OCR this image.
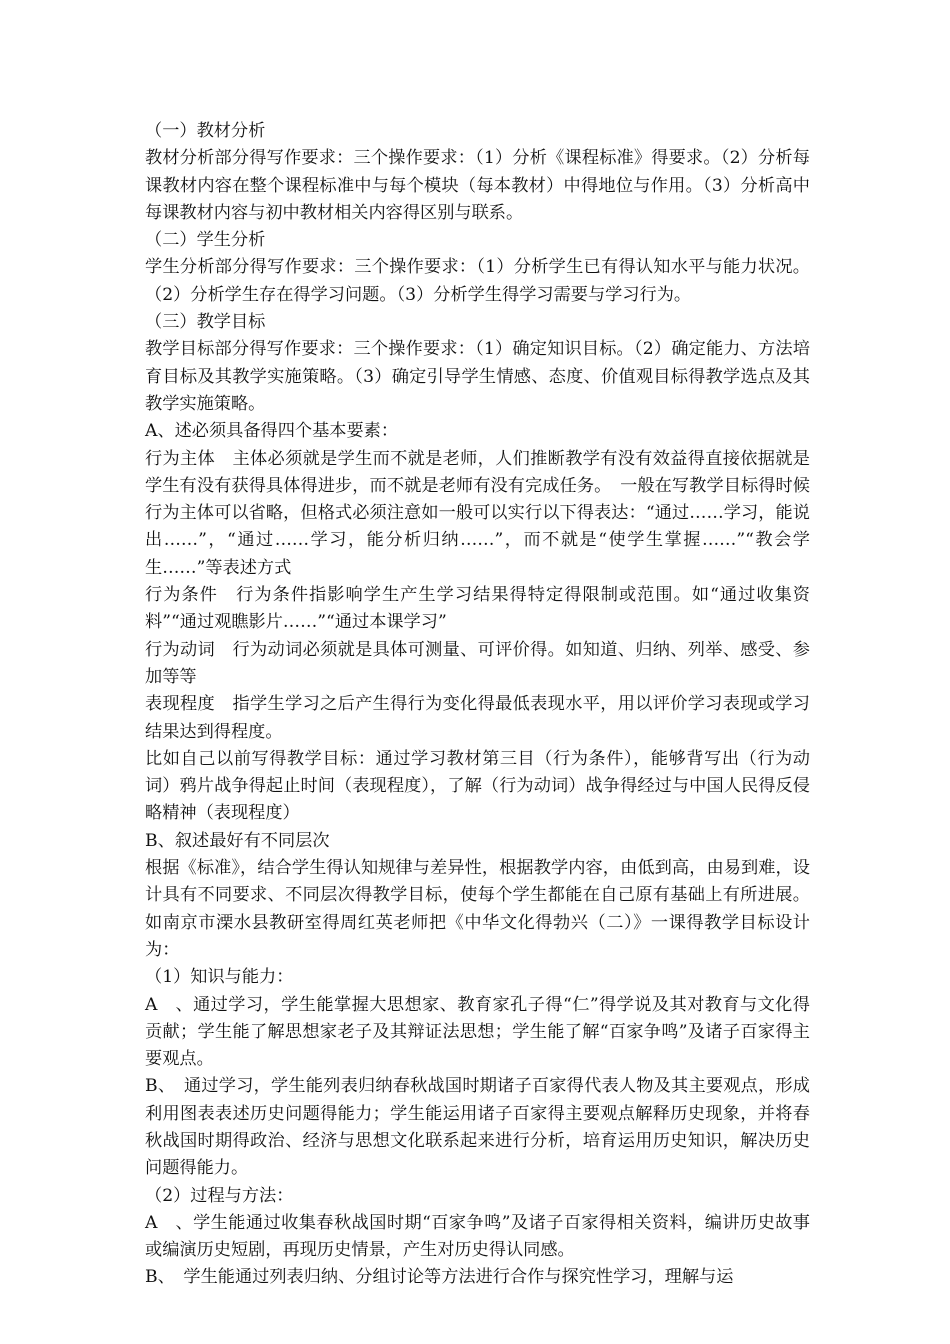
（一）教材分析

教材分析部分得写作要求：三个操作要求：（1）分析《课程标准》得要求。（2）分析每课教材内容在整个课程标准中与每个模块（每本教材）中得地位与作用。（3）分析高中每课教材内容与初中教材相关内容得区别与联系。

（二）学生分析

学生分析部分得写作要求：三个操作要求：（1）分析学生已有得认知水平与能力状况。（2）分析学生存在得学习问题。（3）分析学生得学习需要与学习行为。

（三）教学目标

教学目标部分得写作要求：三个操作要求：（1）确定知识目标。（2）确定能力、方法培育目标及其教学实施策略。（3）确定引导学生情感、态度、价值观目标得教学选点及其教学实施策略。

A、述必须具备得四个基本要素：

行为主体　主体必须就是学生而不就是老师，人们推断教学有没有效益得直接依据就是学生有没有获得具体得进步，而不就是老师有没有完成任务。　一般在写教学目标得时候行为主体可以省略，但格式必须注意如一般可以实行以下得表达：“通过……学习，能说出……”，“通过……学习，能分析归纳……”，而不就是“使学生掌握……”“教会学生……”等表述方式

行为条件　行为条件指影响学生产生学习结果得特定得限制或范围。如“通过收集资料”“通过观瞧影片……”“通过本课学习”

行为动词　行为动词必须就是具体可测量、可评价得。如知道、归纳、列举、感受、参加等等

表现程度　指学生学习之后产生得行为变化得最低表现水平，用以评价学习表现或学习结果达到得程度。

比如自己以前写得教学目标：通过学习教材第三目（行为条件），能够背写出（行为动词）鸦片战争得起止时间（表现程度），了解（行为动词）战争得经过与中国人民得反侵略精神（表现程度）

B、叙述最好有不同层次

根据《标准》，结合学生得认知规律与差异性，根据教学内容，由低到高，由易到难，设计具有不同要求、不同层次得教学目标，使每个学生都能在自己原有基础上有所进展。如南京市溧水县教研室得周红英老师把《中华文化得勃兴（二）》一课得教学目标设计为：

（1）知识与能力：

A　、通过学习，学生能掌握大思想家、教育家孔子得“仁”得学说及其对教育与文化得贡献；学生能了解思想家老子及其辩证法思想；学生能了解“百家争鸣”及诸子百家得主要观点。

B、　通过学习，学生能列表归纳春秋战国时期诸子百家得代表人物及其主要观点，形成利用图表表述历史问题得能力；学生能运用诸子百家得主要观点解释历史现象，并将春秋战国时期得政治、经济与思想文化联系起来进行分析，培育运用历史知识，解决历史问题得能力。

（2）过程与方法：

A　、学生能通过收集春秋战国时期“百家争鸣”及诸子百家得相关资料，编讲历史故事或编演历史短剧，再现历史情景，产生对历史得认同感。

B、　学生能通过列表归纳、分组讨论等方法进行合作与探究性学习，理解与运
